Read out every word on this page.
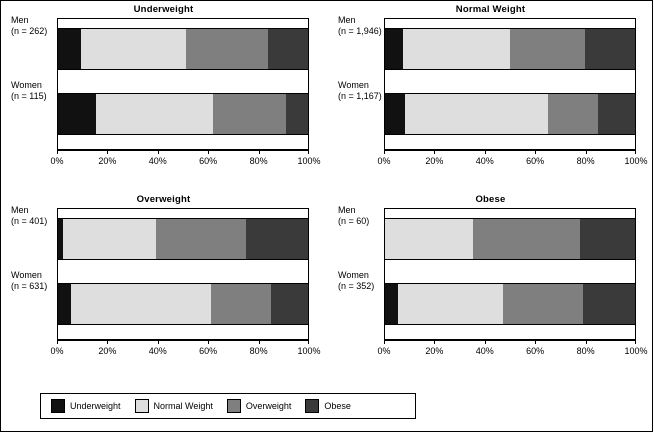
Underweight
Men
(n = 262)
Women
(n = 115)
0%	20%	40%	60%	80%	100%
Normal Weight
Men
(n = 1,946)
Women
(n = 1,167)
0%	20%	40%	60%	80%	100%
Overweight
Men
(n = 401)
Women
(n = 631)
0%	20%	40%	60%	80%	100%
Obese
Men
(n = 60)
Women
(n = 352)
0%	20%	40%	60%	80%	100%
Underweight	Normal Weight	Overweight	Obese
